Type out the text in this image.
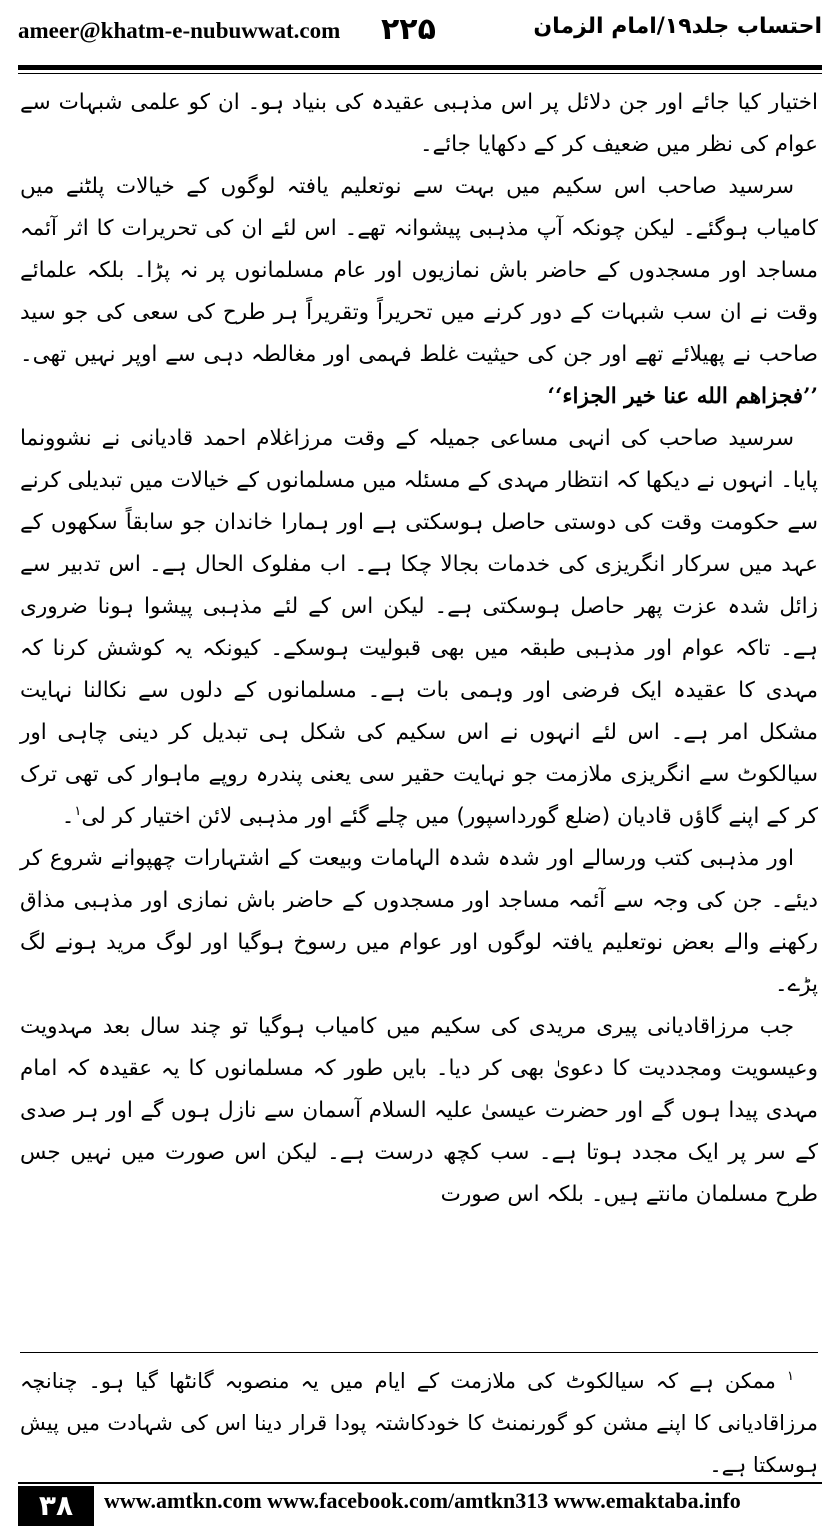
ameer@khatm-e-nubuwwat.com ۲۲۵	احتساب جلد۱۹/امام الزمان

اختیار کیا جائے اور جن دلائل پر اس مذہبی عقیدہ کی بنیاد ہو۔ ان کو علمی شبہات سے عوام کی نظر میں ضعیف کر کے دکھایا جائے۔

سرسید صاحب اس سکیم میں بہت سے نوتعلیم یافتہ لوگوں کے خیالات پلٹنے میں کامیاب ہوگئے۔ لیکن چونکہ آپ مذہبی پیشوانہ تھے۔ اس لئے ان کی تحریرات کا اثر آئمہ مساجد اور مسجدوں کے حاضر باش نمازیوں اور عام مسلمانوں پر نہ پڑا۔ بلکہ علمائے وقت نے ان سب شبہات کے دور کرنے میں تحریراً وتقریراً ہر طرح کی سعی کی جو سید صاحب نے پھیلائے تھے اور جن کی حیثیت غلط فہمی اور مغالطہ دہی سے اوپر نہیں تھی۔ ’’فجزاهم الله عنا خير الجزاء‘‘

سرسید صاحب کی انہی مساعی جمیلہ کے وقت مرزاغلام احمد قادیانی نے نشوونما پایا۔ انہوں نے دیکھا کہ انتظار مہدی کے مسئلہ میں مسلمانوں کے خیالات میں تبدیلی کرنے سے حکومت وقت کی دوستی حاصل ہوسکتی ہے اور ہمارا خاندان جو سابقاً سکھوں کے عہد میں سرکار انگریزی کی خدمات بجالا چکا ہے۔ اب مفلوک الحال ہے۔ اس تدبیر سے زائل شدہ عزت پھر حاصل ہوسکتی ہے۔ لیکن اس کے لئے مذہبی پیشوا ہونا ضروری ہے۔ تاکہ عوام اور مذہبی طبقہ میں بھی قبولیت ہوسکے۔ کیونکہ یہ کوشش کرنا کہ مہدی کا عقیدہ ایک فرضی اور وہمی بات ہے۔ مسلمانوں کے دلوں سے نکالنا نہایت مشکل امر ہے۔ اس لئے انہوں نے اس سکیم کی شکل ہی تبدیل کر دینی چاہی اور سیالکوٹ سے انگریزی ملازمت جو نہایت حقیر سی یعنی پندرہ روپے ماہوار کی تھی ترک کر کے اپنے گاؤں قادیان (ضلع گورداسپور) میں چلے گئے اور مذہبی لائن اختیار کر لی$^۱$۔

اور مذہبی کتب ورسالے اور شدہ شدہ الہامات وبیعت کے اشتہارات چھپوانے شروع کر دیئے۔ جن کی وجہ سے آئمہ مساجد اور مسجدوں کے حاضر باش نمازی اور مذہبی مذاق رکھنے والے بعض نوتعلیم یافتہ لوگوں اور عوام میں رسوخ ہوگیا اور لوگ مرید ہونے لگ پڑے۔

جب مرزاقادیانی پیری مریدی کی سکیم میں کامیاب ہوگیا تو چند سال بعد مہدویت وعیسویت ومجددیت کا دعویٰ بھی کر دیا۔ بایں طور کہ مسلمانوں کا یہ عقیدہ کہ امام مہدی پیدا ہوں گے اور حضرت عیسیٰ علیہ السلام آسمان سے نازل ہوں گے اور ہر صدی کے سر پر ایک مجدد ہوتا ہے۔ سب کچھ درست ہے۔ لیکن اس صورت میں نہیں جس طرح مسلمان مانتے ہیں۔ بلکہ اس صورت

$^۱$ ممکن ہے کہ سیالکوٹ کی ملازمت کے ایام میں یہ منصوبہ گانٹھا گیا ہو۔ چنانچہ مرزاقادیانی کا اپنے مشن کو گورنمنٹ کا خودکاشتہ پودا قرار دینا اس کی شہادت میں پیش ہوسکتا ہے۔

۳۸	www.amtkn.com www.facebook.com/amtkn313 www.emaktaba.info
